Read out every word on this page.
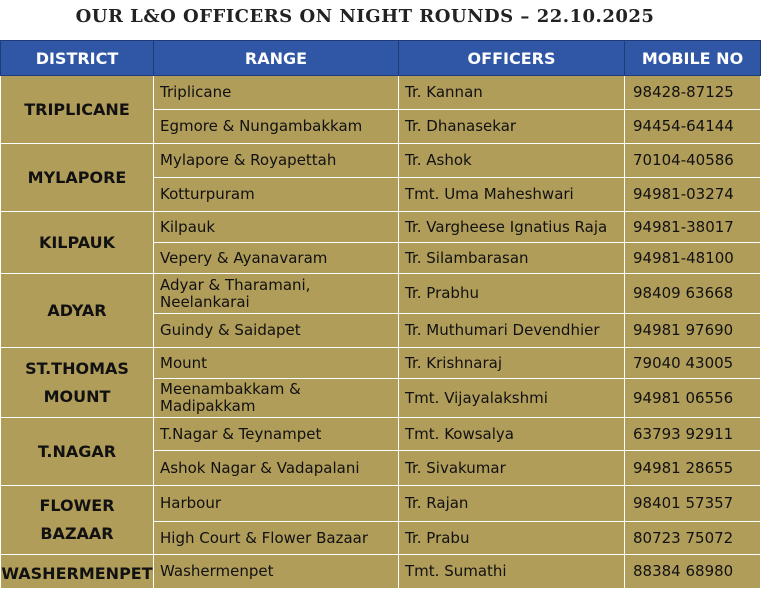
OUR L&O OFFICERS ON NIGHT ROUNDS – 22.10.2025
DISTRICT	RANGE	OFFICERS	MOBILE NO
TRIPLICANE	Triplicane	Tr. Kannan	98428-87125
	Egmore & Nungambakkam	Tr. Dhanasekar	94454-64144
MYLAPORE	Mylapore & Royapettah	Tr. Ashok	70104-40586
	Kotturpuram	Tmt. Uma Maheshwari	94981-03274
KILPAUK	Kilpauk	Tr. Vargheese Ignatius Raja	94981-38017
	Vepery & Ayanavaram	Tr. Silambarasan	94981-48100
ADYAR	Adyar & Tharamani, Neelankarai	Tr. Prabhu	98409 63668
	Guindy & Saidapet	Tr. Muthumari Devendhier	94981 97690
ST.THOMAS MOUNT	Mount	Tr. Krishnaraj	79040 43005
	Meenambakkam & Madipakkam	Tmt. Vijayalakshmi	94981 06556
T.NAGAR	T.Nagar & Teynampet	Tmt. Kowsalya	63793 92911
	Ashok Nagar & Vadapalani	Tr. Sivakumar	94981 28655
FLOWER BAZAAR	Harbour	Tr. Rajan	98401 57357
	High Court & Flower Bazaar	Tr. Prabu	80723 75072
WASHERMENPET	Washermenpet	Tmt. Sumathi	88384 68980
